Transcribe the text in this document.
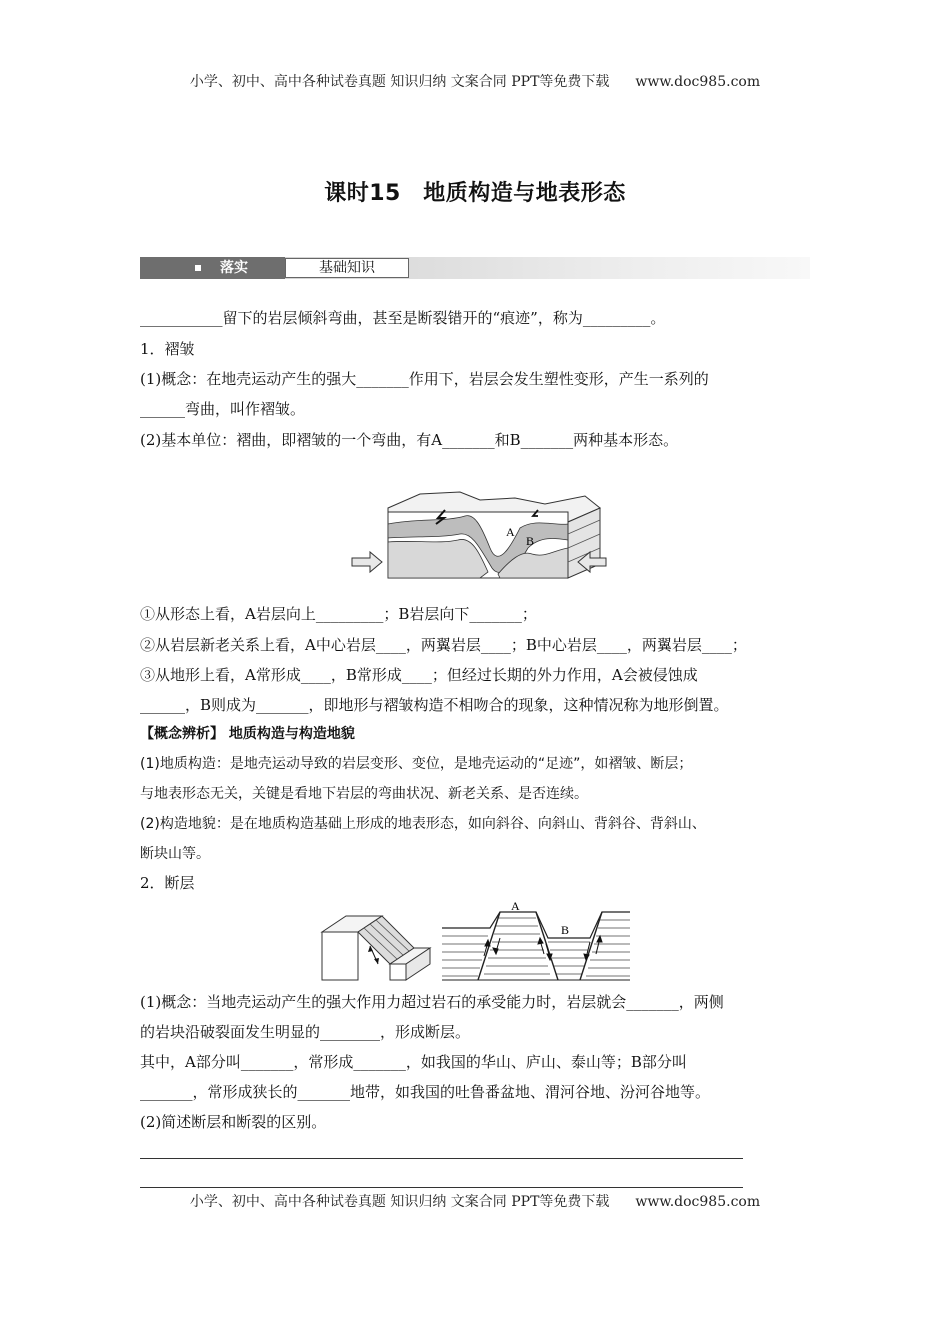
小学、初中、高中各种试卷真题 知识归纳 文案合同 PPT等免费下载 www.doc985.com
课时15　地质构造与地表形态
落实	基础知识
___________留下的岩层倾斜弯曲，甚至是断裂错开的“痕迹”，称为_________。
1．褶皱
(1)概念：在地壳运动产生的强大_______作用下，岩层会发生塑性变形，产生一系列的
______弯曲，叫作褶皱。
(2)基本单位：褶曲，即褶皱的一个弯曲，有A_______和B_______两种基本形态。
A
B
①从形态上看，A岩层向上_________；B岩层向下_______；
②从岩层新老关系上看，A中心岩层____，两翼岩层____；B中心岩层____，两翼岩层____；
③从地形上看，A常形成____，B常形成____；但经过长期的外力作用，A会被侵蚀成
______，B则成为_______，即地形与褶皱构造不相吻合的现象，这种情况称为地形倒置。
【概念辨析】 地质构造与构造地貌
(1)地质构造：是地壳运动导致的岩层变形、变位，是地壳运动的“足迹”，如褶皱、断层；
与地表形态无关，关键是看地下岩层的弯曲状况、新老关系、是否连续。
(2)构造地貌：是在地质构造基础上形成的地表形态，如向斜谷、向斜山、背斜谷、背斜山、
断块山等。
2．断层
A
B
(1)概念：当地壳运动产生的强大作用力超过岩石的承受能力时，岩层就会_______，两侧
的岩块沿破裂面发生明显的________，形成断层。
其中，A部分叫_______，常形成_______，如我国的华山、庐山、泰山等；B部分叫
_______，常形成狭长的_______地带，如我国的吐鲁番盆地、渭河谷地、汾河谷地等。
(2)简述断层和断裂的区别。
小学、初中、高中各种试卷真题 知识归纳 文案合同 PPT等免费下载 www.doc985.com
